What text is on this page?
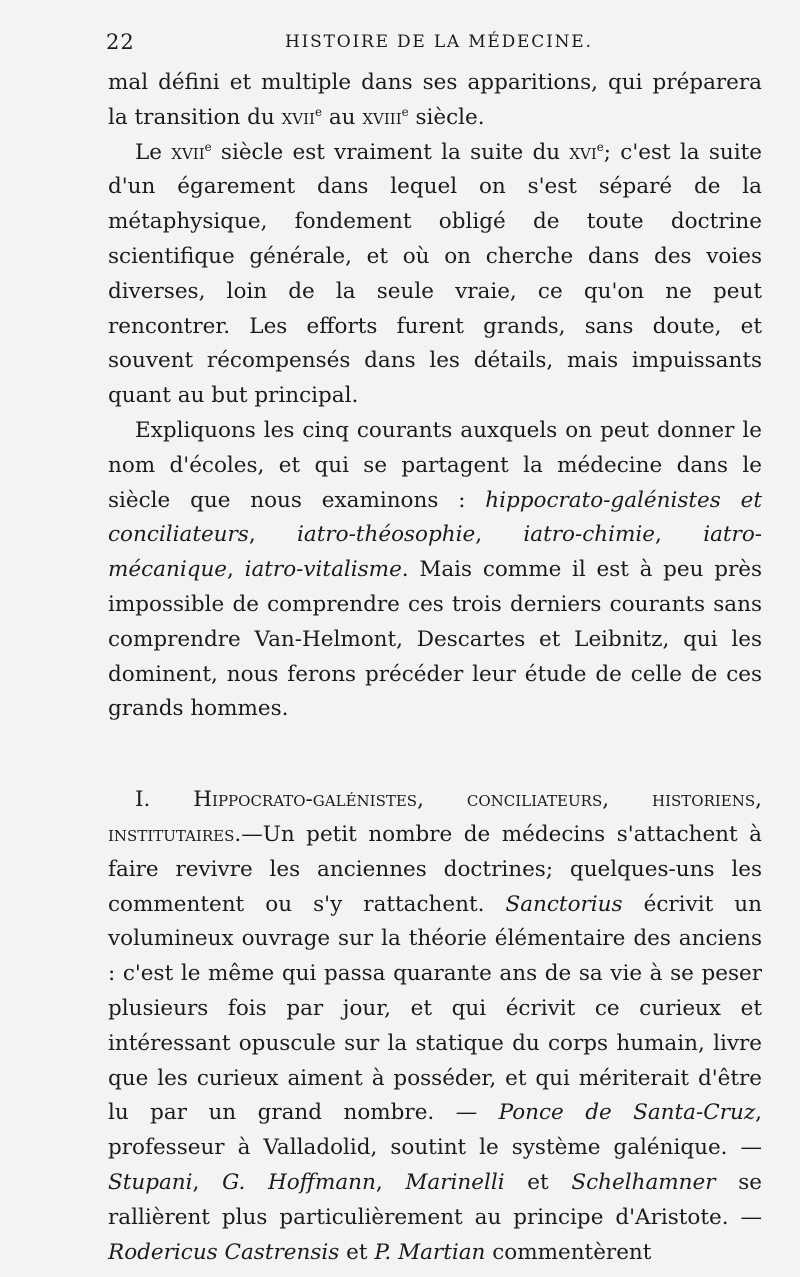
22	HISTOIRE DE LA MÉDECINE.

mal défini et multiple dans ses apparitions, qui préparera la transition du xvii$^e$ au xviii$^e$ siècle.

Le xvii$^e$ siècle est vraiment la suite du xvi$^e$; c'est la suite d'un égarement dans lequel on s'est séparé de la métaphysique, fondement obligé de toute doctrine scientifique générale, et où on cherche dans des voies diverses, loin de la seule vraie, ce qu'on ne peut rencontrer. Les efforts furent grands, sans doute, et souvent récompensés dans les détails, mais impuissants quant au but principal.

Expliquons les cinq courants auxquels on peut donner le nom d'écoles, et qui se partagent la médecine dans le siècle que nous examinons : hippocrato-galénistes et conciliateurs, iatro-théosophie, iatro-chimie, iatro-mécanique, iatro-vitalisme. Mais comme il est à peu près impossible de comprendre ces trois derniers courants sans comprendre Van-Helmont, Descartes et Leibnitz, qui les dominent, nous ferons précéder leur étude de celle de ces grands hommes.

I. Hippocrato-galénistes, conciliateurs, historiens, institutaires.—Un petit nombre de médecins s'attachent à faire revivre les anciennes doctrines; quelques-uns les commentent ou s'y rattachent. Sanctorius écrivit un volumineux ouvrage sur la théorie élémentaire des anciens : c'est le même qui passa quarante ans de sa vie à se peser plusieurs fois par jour, et qui écrivit ce curieux et intéressant opuscule sur la statique du corps humain, livre que les curieux aiment à posséder, et qui mériterait d'être lu par un grand nombre. — Ponce de Santa-Cruz, professeur à Valladolid, soutint le système galénique. —Stupani, G. Hoffmann, Marinelli et Schelhamner se rallièrent plus particulièrement au principe d'Aristote. — Rodericus Castrensis et P. Martian commentèrent
